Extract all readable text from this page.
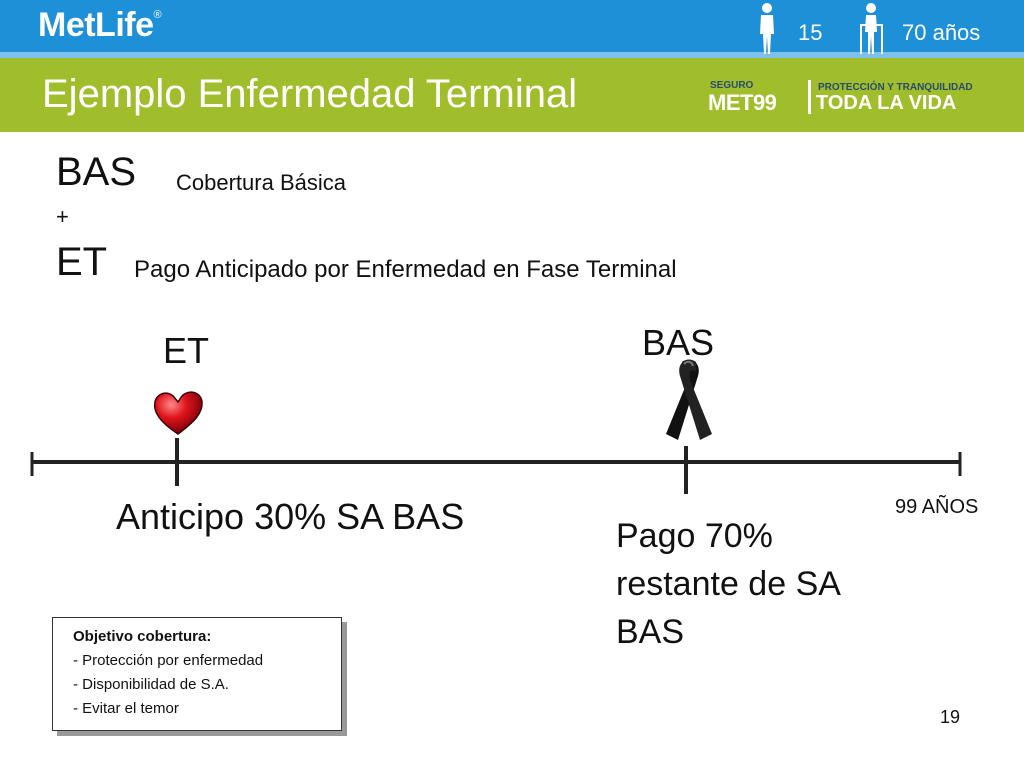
MetLife®
15	70 años
Ejemplo Enfermedad Terminal	SEGURO
MET99
PROTECCIÓN Y TRANQUILIDAD
TODA LA VIDA
BAS Cobertura Básica
+
ET Pago Anticipado por Enfermedad en Fase Terminal
ET	BAS
Anticipo 30% SA BAS	Pago 70% restante de SA BAS
99 AÑOS
Objetivo cobertura:
- Protección por enfermedad
- Disponibilidad de S.A.
- Evitar el temor	19
